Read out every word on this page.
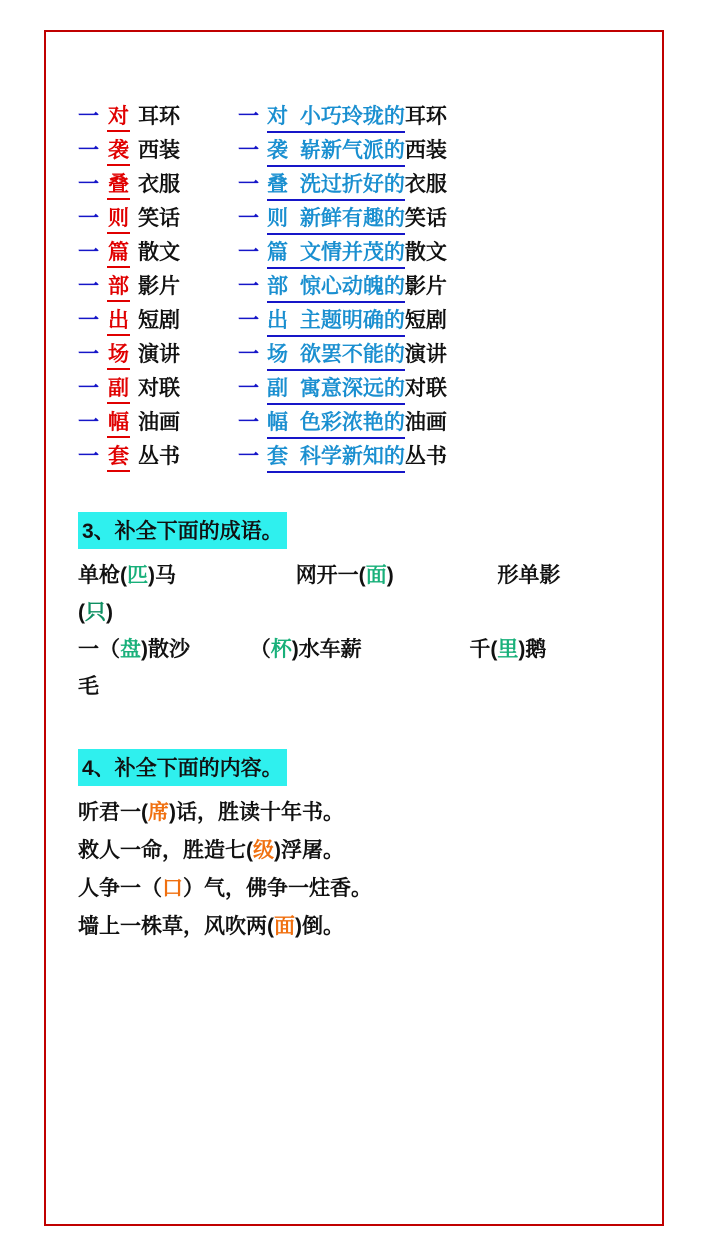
一 对 耳环	一 对 小巧玲珑的 耳环
一 袭 西装	一 袭 崭新气派的 西装
一 叠 衣服	一 叠 洗过折好的 衣服
一 则 笑话	一 则 新鲜有趣的 笑话
一 篇 散文	一 篇 文情并茂的 散文
一 部 影片	一 部 惊心动魄的 影片
一 出 短剧	一 出 主题明确的 短剧
一 场 演讲	一 场 欲罢不能的 演讲
一 副 对联	一 副 寓意深远的 对联
一 幅 油画	一 幅 色彩浓艳的 油画
一 套 丛书	一 套 科学新知的 丛书
3、补全下面的成语。
单枪(匹)马	网开一(面)	形单影
(只)
一（盘)散沙	（杯)水车薪	千(里)鹅
毛
4、补全下面的内容。
听君一(席)话，胜读十年书。
救人一命，胜造七(级)浮屠。
人争一（口）气，佛争一炷香。
墙上一株草，风吹两(面)倒。
